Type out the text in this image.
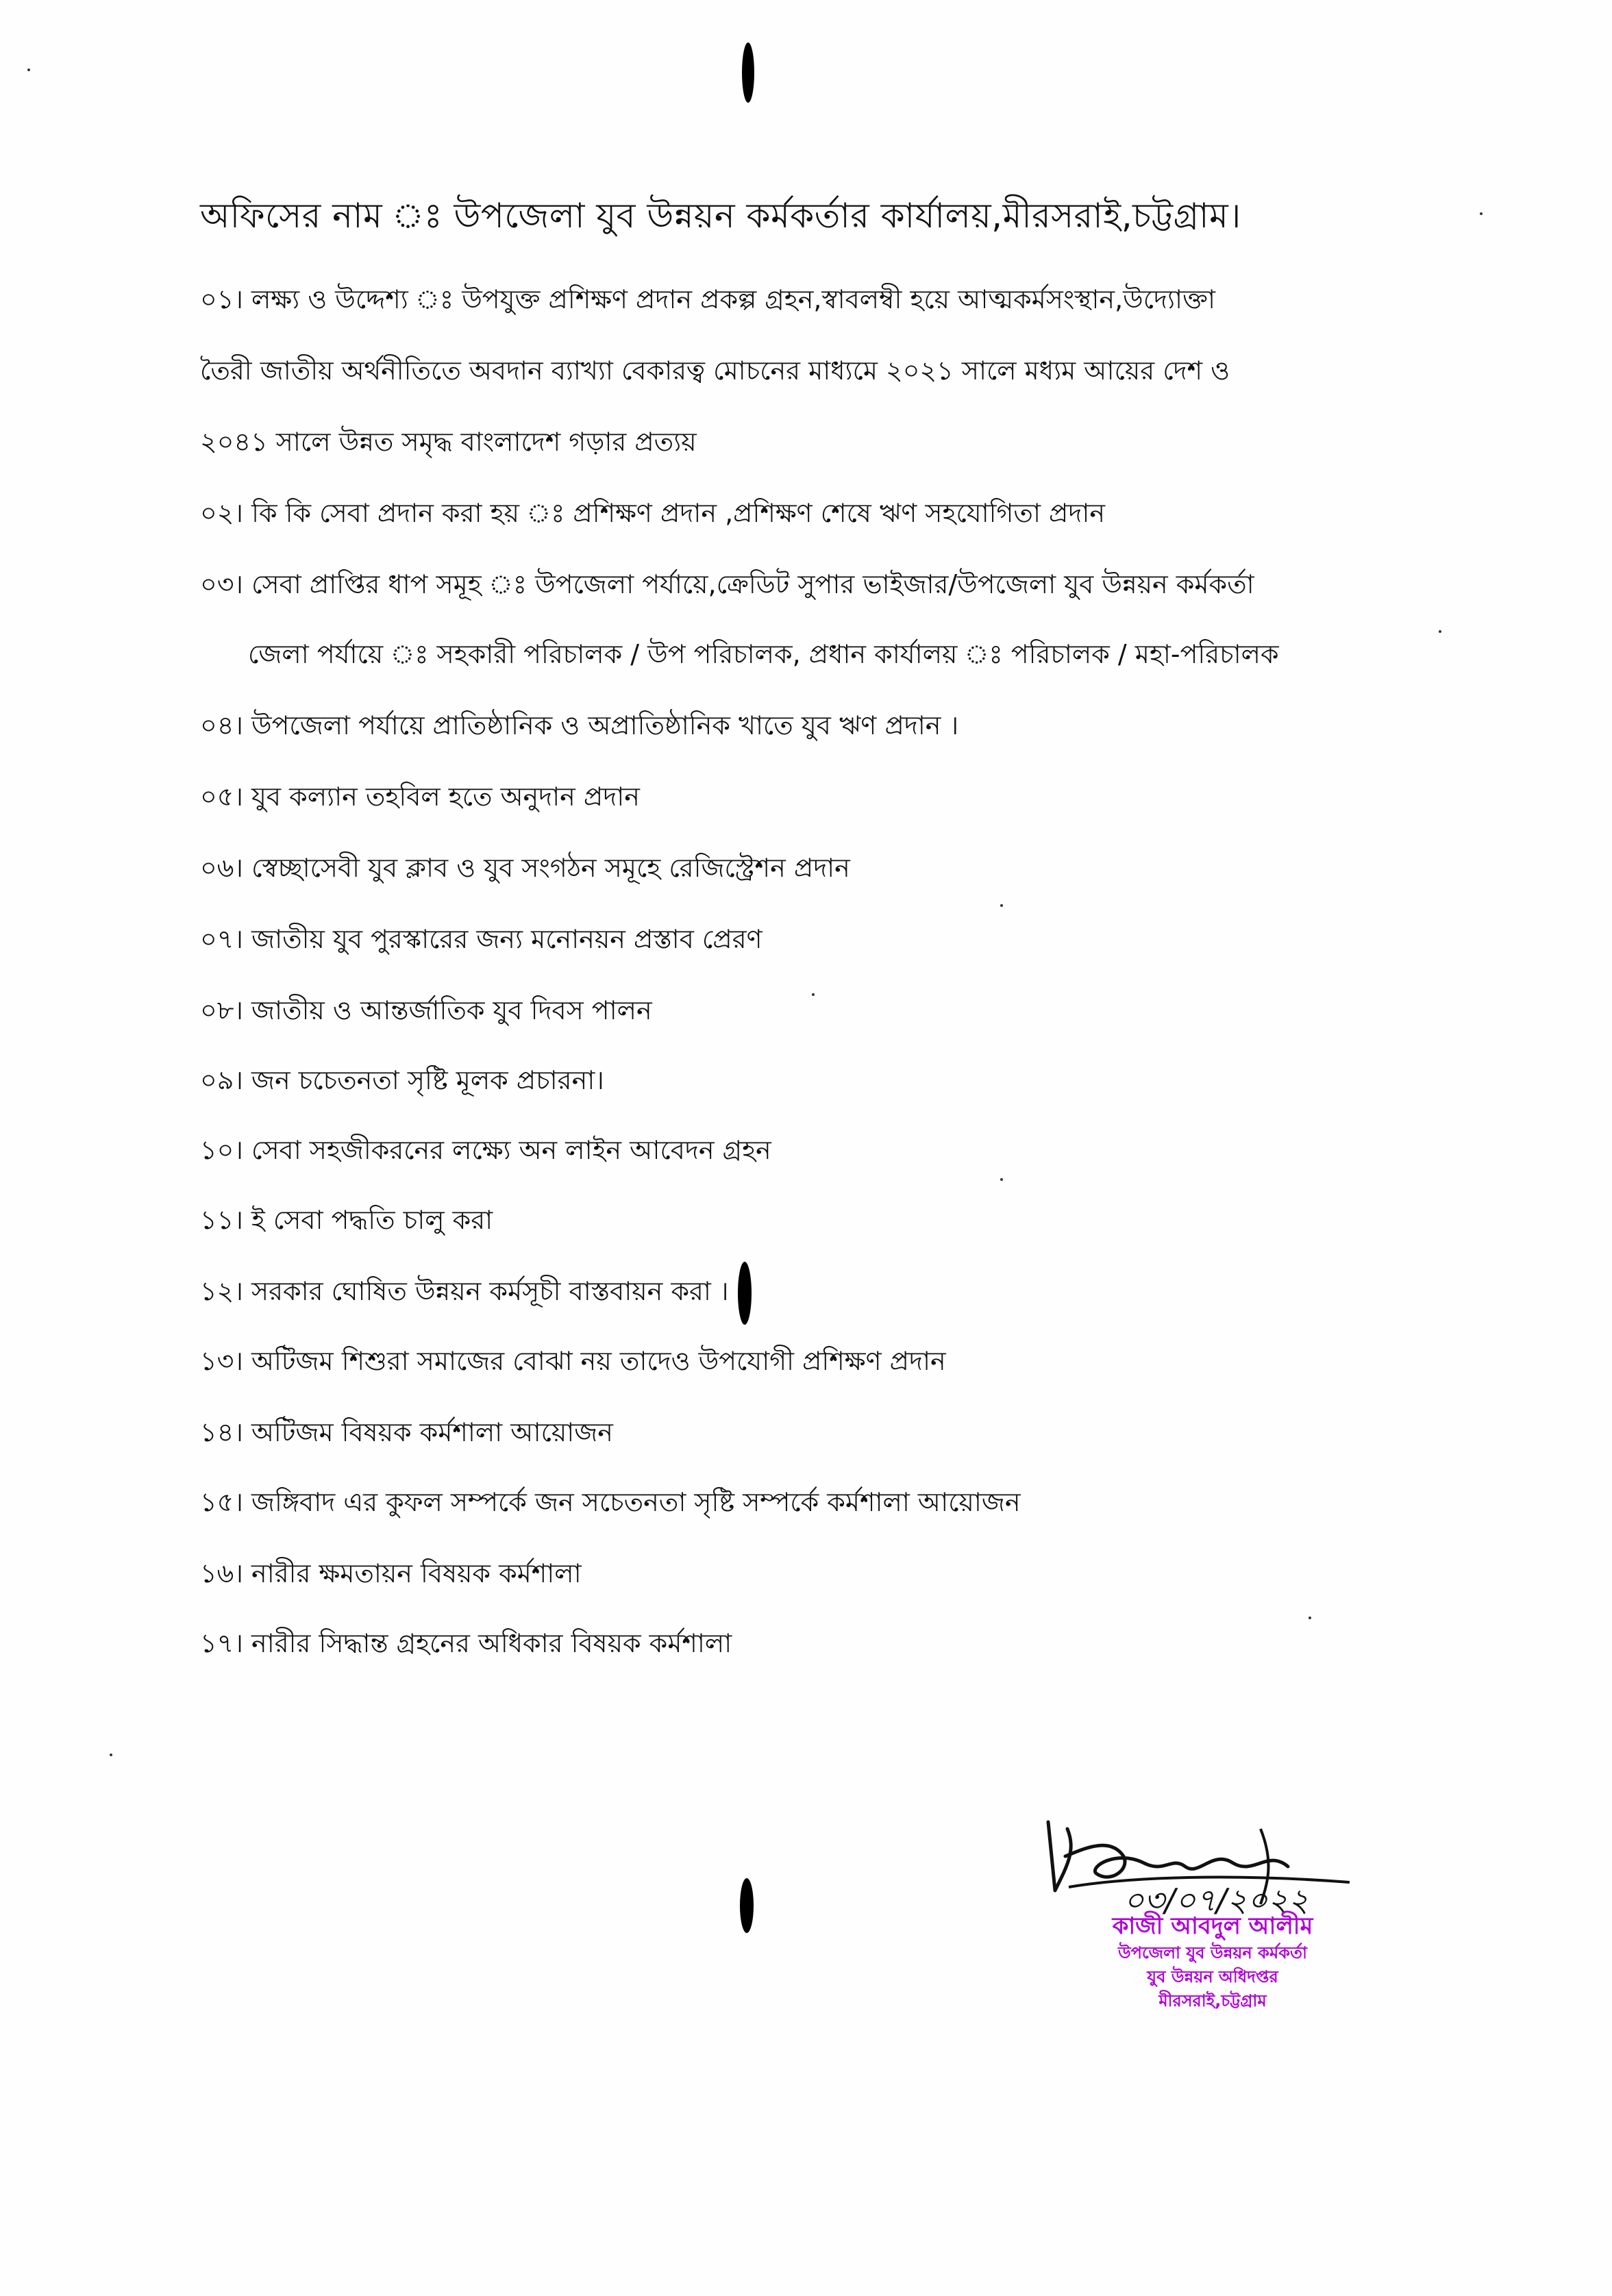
অফিসের নাম ঃ উপজেলা যুব উন্নয়ন কর্মকর্তার কার্যালয়,মীরসরাই,চট্টগ্রাম।
০১। লক্ষ্য ও উদ্দেশ্য ঃ উপযুক্ত প্রশিক্ষণ প্রদান প্রকল্প গ্রহন,স্বাবলম্বী হয়ে আত্মকর্মসংস্থান,উদ্যোক্তা
তৈরী জাতীয় অর্থনীতিতে অবদান ব্যাখ্যা বেকারত্ব মোচনের মাধ্যমে ২০২১ সালে মধ্যম আয়ের দেশ ও
২০৪১ সালে উন্নত সমৃদ্ধ বাংলাদেশ গড়ার প্রত্যয়
০২। কি কি সেবা প্রদান করা হয় ঃ প্রশিক্ষণ প্রদান ,প্রশিক্ষণ শেষে ঋণ সহযোগিতা প্রদান
০৩। সেবা প্রাপ্তির ধাপ সমূহ ঃ উপজেলা পর্যায়ে,ক্রেডিট সুপার ভাইজার/উপজেলা যুব উন্নয়ন কর্মকর্তা
জেলা পর্যায়ে ঃ সহকারী পরিচালক / উপ পরিচালক, প্রধান কার্যালয় ঃ পরিচালক / মহা-পরিচালক
০৪। উপজেলা পর্যায়ে প্রাতিষ্ঠানিক ও অপ্রাতিষ্ঠানিক খাতে যুব ঋণ প্রদান ।
০৫। যুব কল্যান তহবিল হতে অনুদান প্রদান
০৬। স্বেচ্ছাসেবী যুব ক্লাব ও যুব সংগঠন সমূহে রেজিস্ট্রেশন প্রদান
০৭। জাতীয় যুব পুরস্কারের জন্য মনোনয়ন প্রস্তাব প্রেরণ
০৮। জাতীয় ও আন্তর্জাতিক যুব দিবস পালন
০৯। জন চচেতনতা সৃষ্টি মূলক প্রচারনা।
১০। সেবা সহজীকরনের লক্ষ্যে অন লাইন আবেদন গ্রহন
১১। ই সেবা পদ্ধতি চালু করা
১২। সরকার ঘোষিত উন্নয়ন কর্মসূচী বাস্তবায়ন করা ।
১৩। অটিজম শিশুরা সমাজের বোঝা নয় তাদেও উপযোগী প্রশিক্ষণ প্রদান
১৪। অটিজম বিষয়ক কর্মশালা আয়োজন
১৫। জঙ্গিবাদ এর কুফল সম্পর্কে জন সচেতনতা সৃষ্টি সম্পর্কে কর্মশালা আয়োজন
১৬। নারীর ক্ষমতায়ন বিষয়ক কর্মশালা
১৭। নারীর সিদ্ধান্ত গ্রহনের অধিকার বিষয়ক কর্মশালা
০৩/০৭/২০২২
কাজী আবদুল আলীম
উপজেলা যুব উন্নয়ন কর্মকর্তা
যুব উন্নয়ন অধিদপ্তর
মীরসরাই,চট্টগ্রাম
